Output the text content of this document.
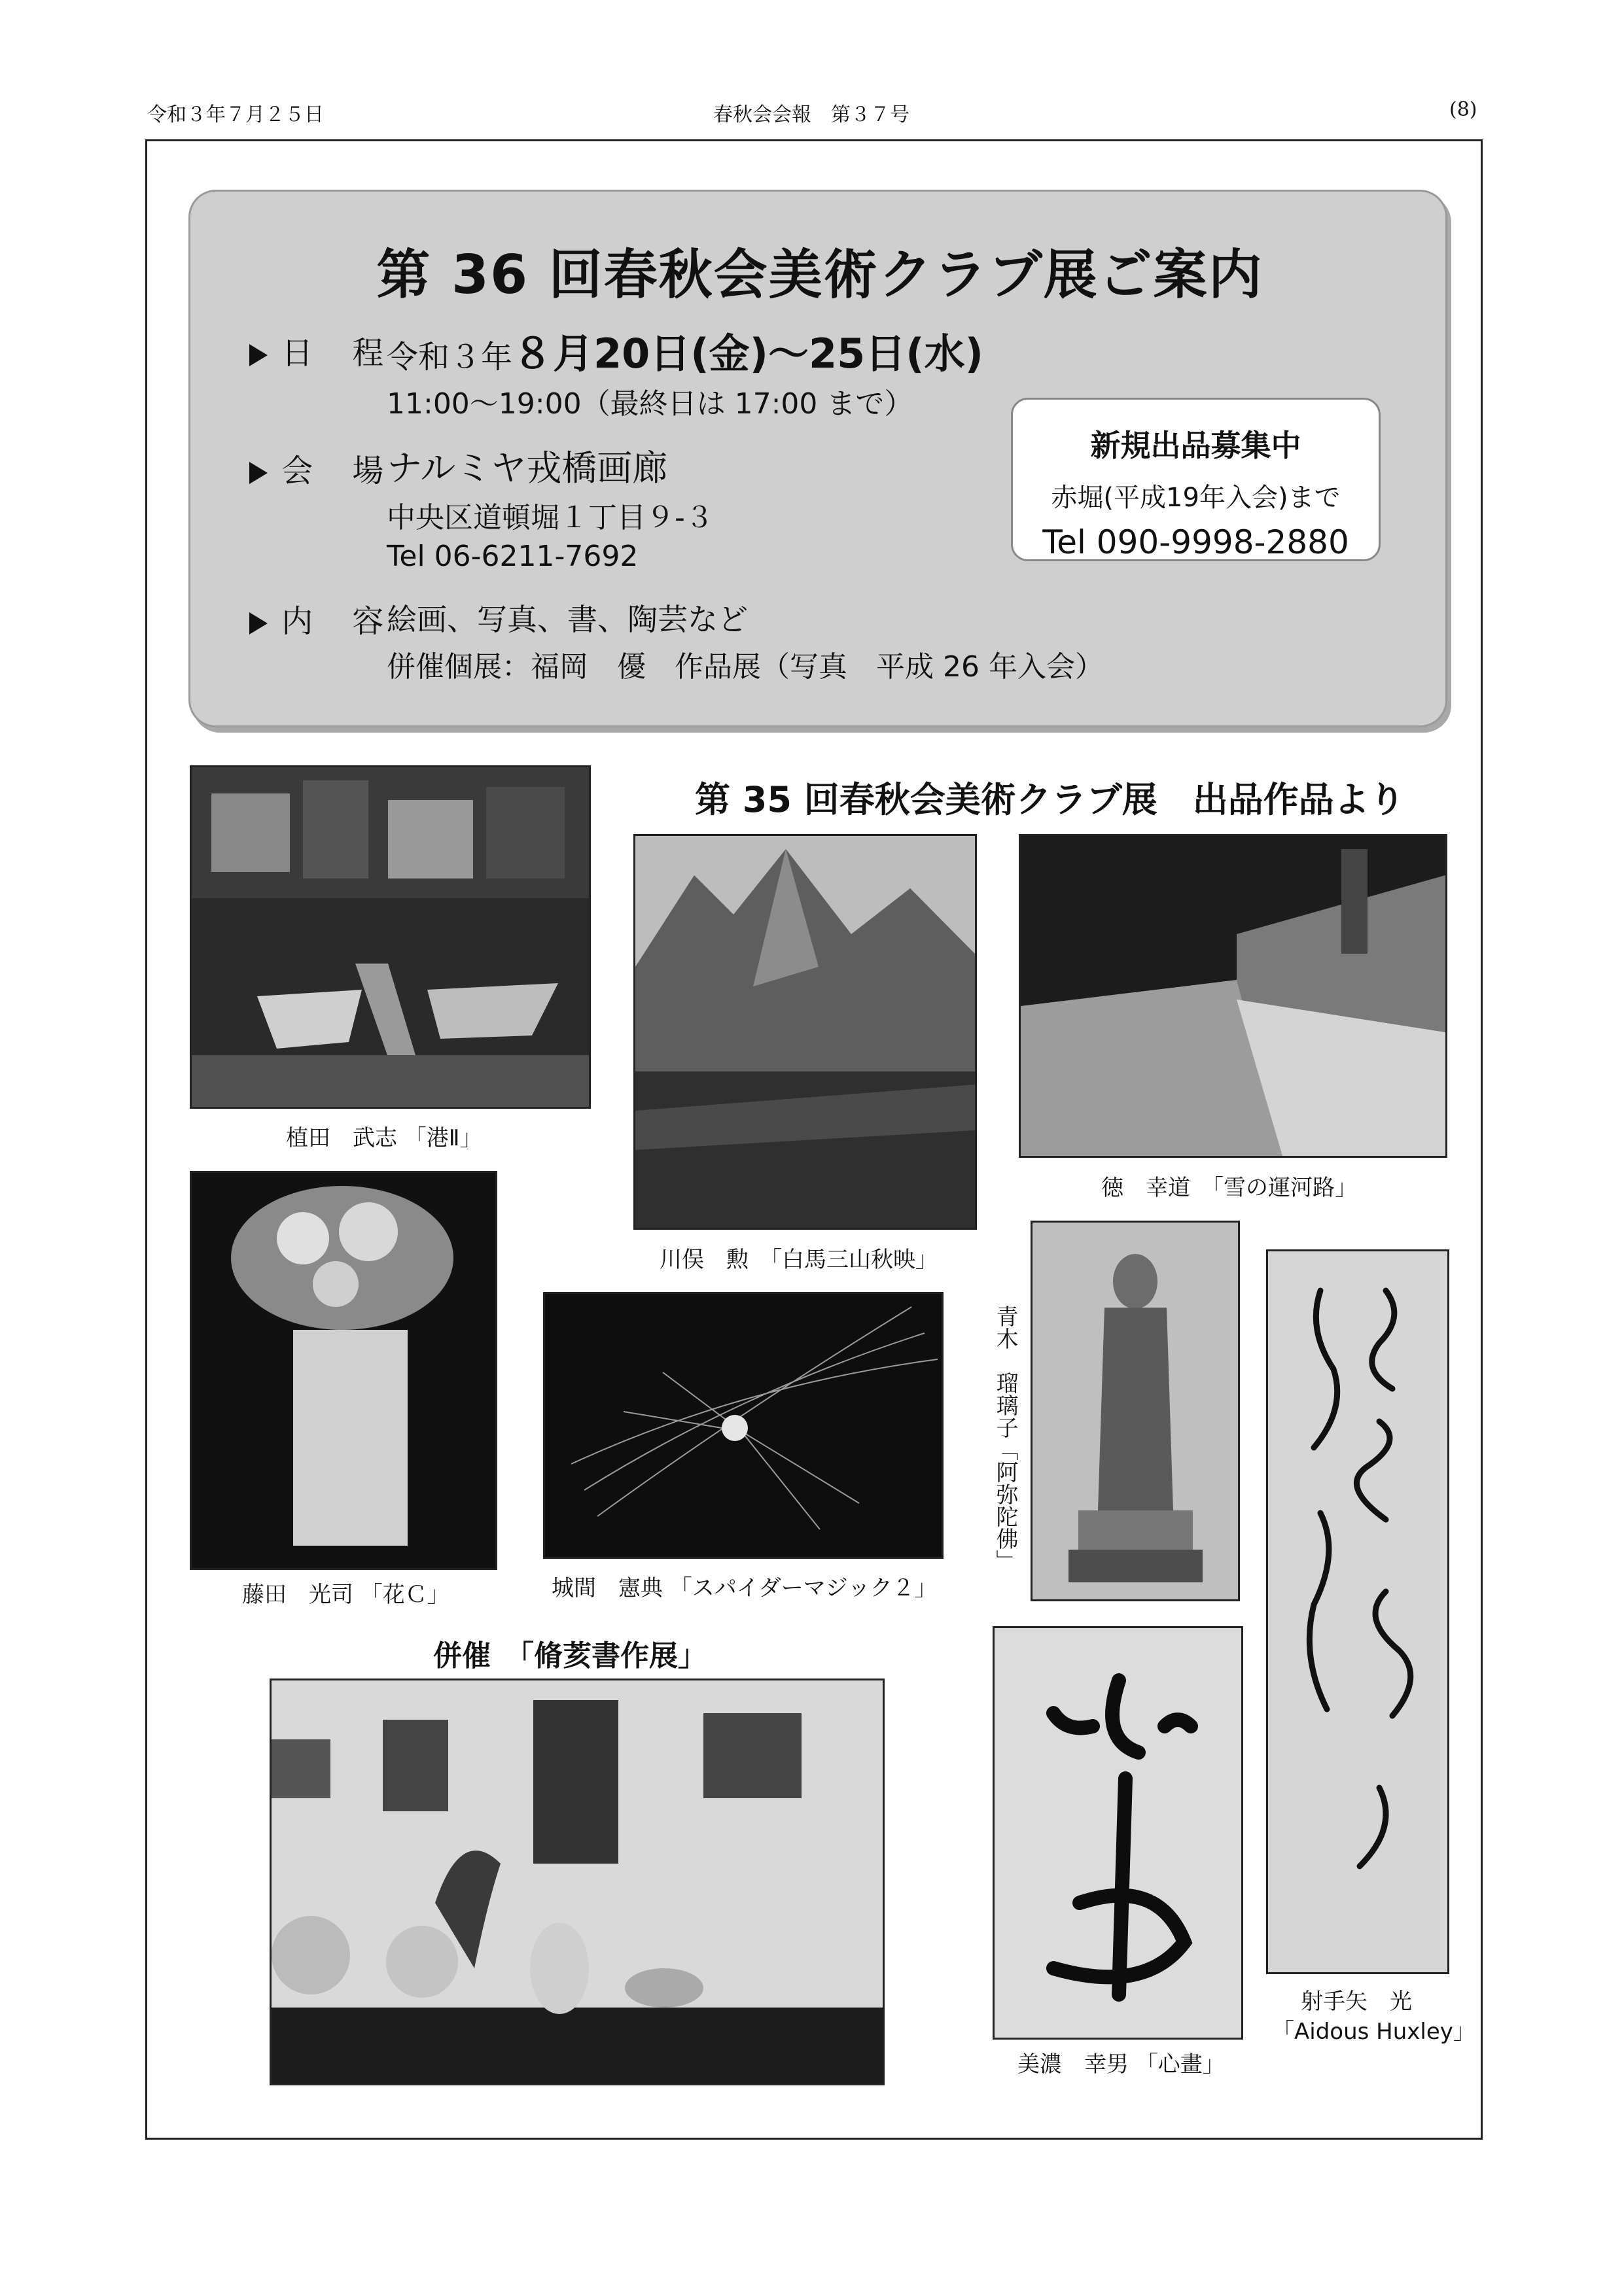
令和３年７月２５日	春秋会会報　第３７号	(8)
第 36 回春秋会美術クラブ展ご案内
日　程
令和３年８月20日(金)～25日(水)
11:00～19:00（最終日は 17:00 まで）
会　場
ナルミヤ戎橋画廊
中央区道頓堀１丁目９-３
Tel 06-6211-7692
内　容
絵画、写真、書、陶芸など
併催個展：福岡　優　作品展（写真　平成 26 年入会）
新規出品募集中
赤堀(平成19年入会)まで
Tel 090-9998-2880
第 35 回春秋会美術クラブ展　出品作品より
植田　武志 「港Ⅱ」
川俣　勲　「白馬三山秋映」
徳　幸道　「雪の運河路」
藤田　光司 「花Ｃ」	城間　憲典 「スパイダーマジック２」
青木　瑠璃子「阿弥陀佛」
射手矢　光
「Aidous Huxley」
美濃　幸男 「心畫」
併催　「脩荄書作展」
